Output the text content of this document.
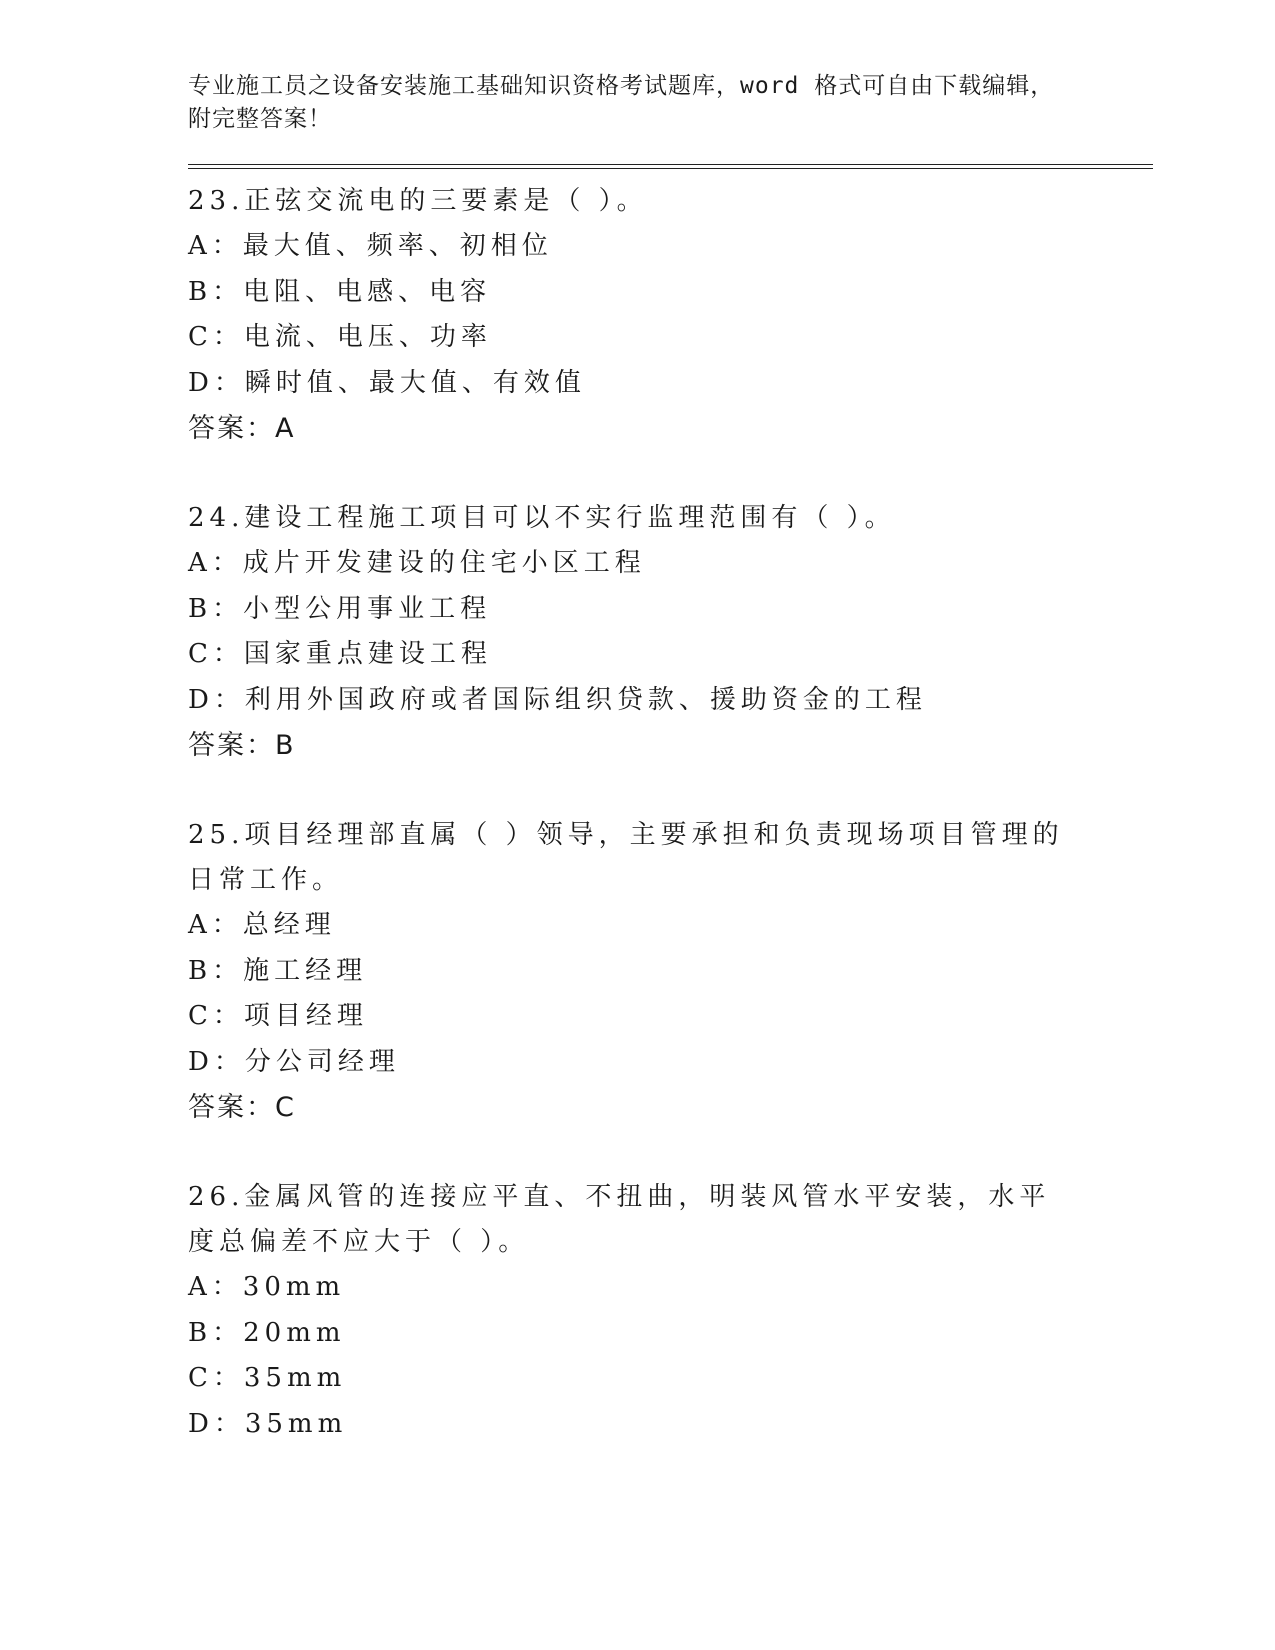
专业施工员之设备安装施工基础知识资格考试题库，word 格式可自由下载编辑，附完整答案！

23.正弦交流电的三要素是（ ）。

A：最大值、频率、初相位

B：电阻、电感、电容

C：电流、电压、功率

D：瞬时值、最大值、有效值

答案：A

24.建设工程施工项目可以不实行监理范围有（ ）。

A：成片开发建设的住宅小区工程

B：小型公用事业工程

C：国家重点建设工程

D：利用外国政府或者国际组织贷款、援助资金的工程

答案：B

25.项目经理部直属（ ）领导，主要承担和负责现场项目管理的日常工作。

A：总经理

B：施工经理

C：项目经理

D：分公司经理

答案：C

26.金属风管的连接应平直、不扭曲，明装风管水平安装，水平度总偏差不应大于（ ）。

A：30mm

B：20mm

C：35mm

D：35mm
